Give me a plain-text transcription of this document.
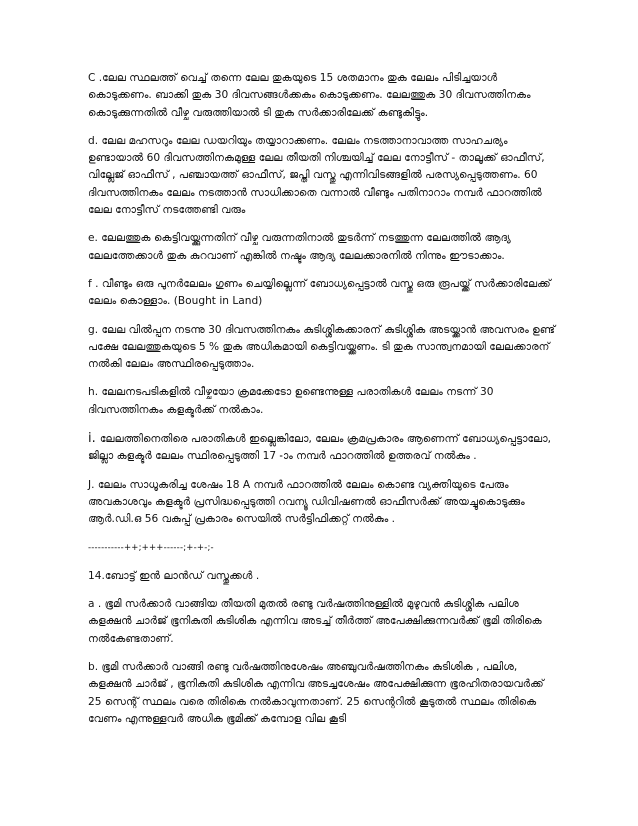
C .ലേല സ്ഥലത്ത് വെച്ച് തന്നെ ലേല തുകയുടെ 15 ശതമാനം തുക ലേലം പിടിച്ചയാൾ കൊടുക്കണം. ബാക്കി തുക 30 ദിവസങ്ങൾക്കകം കൊടുക്കണം. ലേലത്തുക 30 ദിവസത്തിനകം കൊടുക്കുന്നതിൽ വീഴ്ച വരുത്തിയാൽ ടി തുക സർക്കാരിലേക്ക് കണ്ടുകിട്ടും.

d. ലേല മഹസറും ലേല ഡയറിയും തയ്യാറാക്കണം. ലേലം നടത്താനാവാത്ത സാഹചര്യം ഉണ്ടായാൽ 60 ദിവസത്തിനകമുള്ള ലേല തീയതി നിശ്ചയിച്ച് ലേല നോട്ടീസ് - താലൂക്ക് ഓഫീസ്, വില്ലേജ് ഓഫീസ് , പഞ്ചായത്ത് ഓഫീസ്, ജപ്തി വസ്തു എന്നിവിടങ്ങളിൽ പരസ്യപ്പെടുത്തണം. 60 ദിവസത്തിനകം ലേലം നടത്താൻ സാധിക്കാതെ വന്നാൽ വീണ്ടും പതിനാറാം നമ്പർ ഫാറത്തിൽ ലേല നോട്ടീസ് നടത്തേണ്ടി വരും

e. ലേലത്തുക കെട്ടിവയ്ക്കുന്നതിന് വീഴ്ച വരുന്നതിനാൽ തുടർന്ന് നടത്തുന്ന ലേലത്തിൽ ആദ്യ ലേലത്തേക്കാൾ തുക കുറവാണ് എങ്കിൽ നഷ്ടം ആദ്യ ലേലക്കാരനിൽ നിന്നും ഈടാക്കാം.

f . വീണ്ടും ഒരു പുനർലേലം ഗുണം ചെയ്യില്ലെന്ന് ബോധ്യപ്പെട്ടാൽ വസ്തു ഒരു രൂപയ്ക്ക് സർക്കാരിലേക്ക് ലേലം കൊള്ളാം. (Bought in Land)

g. ലേല വിൽപ്പന നടന്നു 30 ദിവസത്തിനകം കുടിശ്ശികക്കാരന് കുടിശ്ശിക അടയ്ക്കാൻ അവസരം ഉണ്ട് പക്ഷേ ലേലത്തുകയുടെ 5 % തുക അധികമായി കെട്ടിവയ്ക്കണം. ടി തുക സാന്ത്വനമായി ലേലക്കാരന് നൽകി ലേലം അസ്ഥിരപ്പെടുത്താം.

h. ലേലനടപടികളിൽ വീഴ്ചയോ ക്രമക്കേടോ ഉണ്ടെന്നുള്ള പരാതികൾ ലേലം നടന്ന് 30 ദിവസത്തിനകം കളക്ടർക്ക് നൽകാം.

i. ലേലത്തിനെതിരെ പരാതികൾ ഇല്ലെങ്കിലോ, ലേലം ക്രമപ്രകാരം ആണെന്ന് ബോധ്യപ്പെട്ടാലോ, ജില്ലാ കളക്ടർ ലേലം സ്ഥിരപ്പെടുത്തി 17 -ാം നമ്പർ ഫാറത്തിൽ ഉത്തരവ് നൽകും .

J. ലേലം സാധൂകരിച്ച ശേഷം 18 A നമ്പർ ഫാറത്തിൽ ലേലം കൊണ്ട വ്യക്തിയുടെ പേരും അവകാശവും കളക്ടർ പ്രസിദ്ധപ്പെടുത്തി റവന്യൂ ഡിവിഷണൽ ഓഫീസർക്ക് അയച്ചുകൊടുക്കും ആർ.ഡി.ഒ 56 വകുപ്പ് പ്രകാരം സെയിൽ സർട്ടിഫിക്കറ്റ് നൽകും .

-----------++;+++------;+-+-;-

14.ബോട്ട് ഇൻ ലാൻഡ് വസ്തുക്കൾ .

a . ഭൂമി സർക്കാർ വാങ്ങിയ തീയതി മുതൽ രണ്ടു വർഷത്തിനുള്ളിൽ മുഴുവൻ കുടിശ്ശിക പലിശ കളക്ഷൻ ചാർജ് ഭൂനികുതി കുടിശിക എന്നിവ അടച്ച് തീർത്ത് അപേക്ഷിക്കുന്നവർക്ക് ഭൂമി തിരികെ നൽകേണ്ടതാണ്.

b. ഭൂമി സർക്കാർ വാങ്ങി രണ്ടു വർഷത്തിനുശേഷം അഞ്ചുവർഷത്തിനകം കുടിശിക , പലിശ, കളക്ഷൻ ചാർജ് , ഭൂനികുതി കുടിശിക എന്നിവ അടച്ചശേഷം അപേക്ഷിക്കുന്ന ഭൂരഹിതരായവർക്ക് 25 സെന്റ് സ്ഥലം വരെ തിരികെ നൽകാവുന്നതാണ്. 25 സെന്ററിൽ കൂടുതൽ സ്ഥലം തിരികെ വേണം എന്നുള്ളവർ അധിക ഭൂമിക്ക് കമ്പോള വില കൂടി
